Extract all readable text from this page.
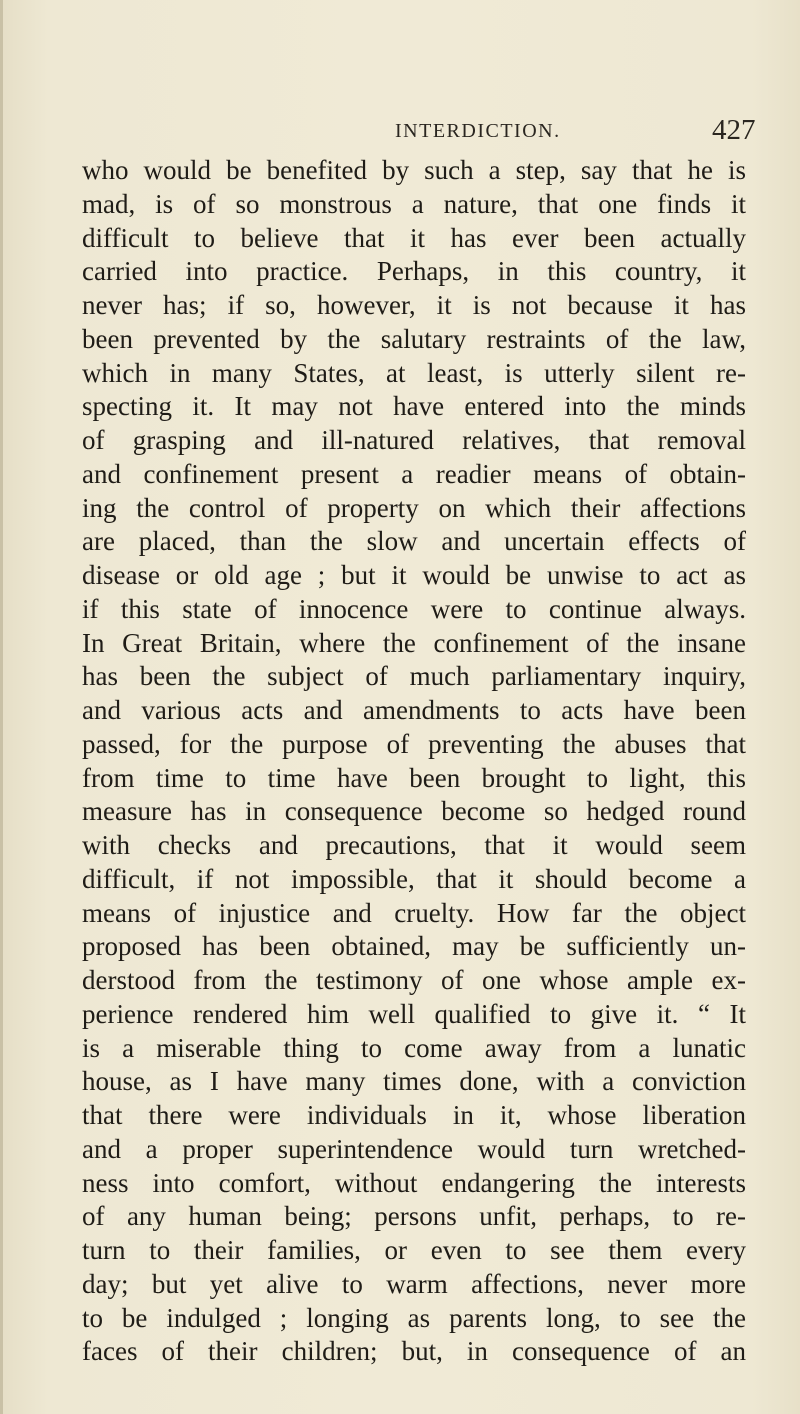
INTERDICTION.	427
who would be benefited by such a step, say that he is
mad, is of so monstrous a nature, that one finds it
difficult to believe that it has ever been actually
carried into practice. Perhaps, in this country, it
never has; if so, however, it is not because it has
been prevented by the salutary restraints of the law,
which in many States, at least, is utterly silent re-
specting it. It may not have entered into the minds
of grasping and ill-natured relatives, that removal
and confinement present a readier means of obtain-
ing the control of property on which their affections
are placed, than the slow and uncertain effects of
disease or old age ; but it would be unwise to act as
if this state of innocence were to continue always.
In Great Britain, where the confinement of the insane
has been the subject of much parliamentary inquiry,
and various acts and amendments to acts have been
passed, for the purpose of preventing the abuses that
from time to time have been brought to light, this
measure has in consequence become so hedged round
with checks and precautions, that it would seem
difficult, if not impossible, that it should become a
means of injustice and cruelty. How far the object
proposed has been obtained, may be sufficiently un-
derstood from the testimony of one whose ample ex-
perience rendered him well qualified to give it. “ It
is a miserable thing to come away from a lunatic
house, as I have many times done, with a conviction
that there were individuals in it, whose liberation
and a proper superintendence would turn wretched-
ness into comfort, without endangering the interests
of any human being; persons unfit, perhaps, to re-
turn to their families, or even to see them every
day; but yet alive to warm affections, never more
to be indulged ; longing as parents long, to see the
faces of their children; but, in consequence of an
